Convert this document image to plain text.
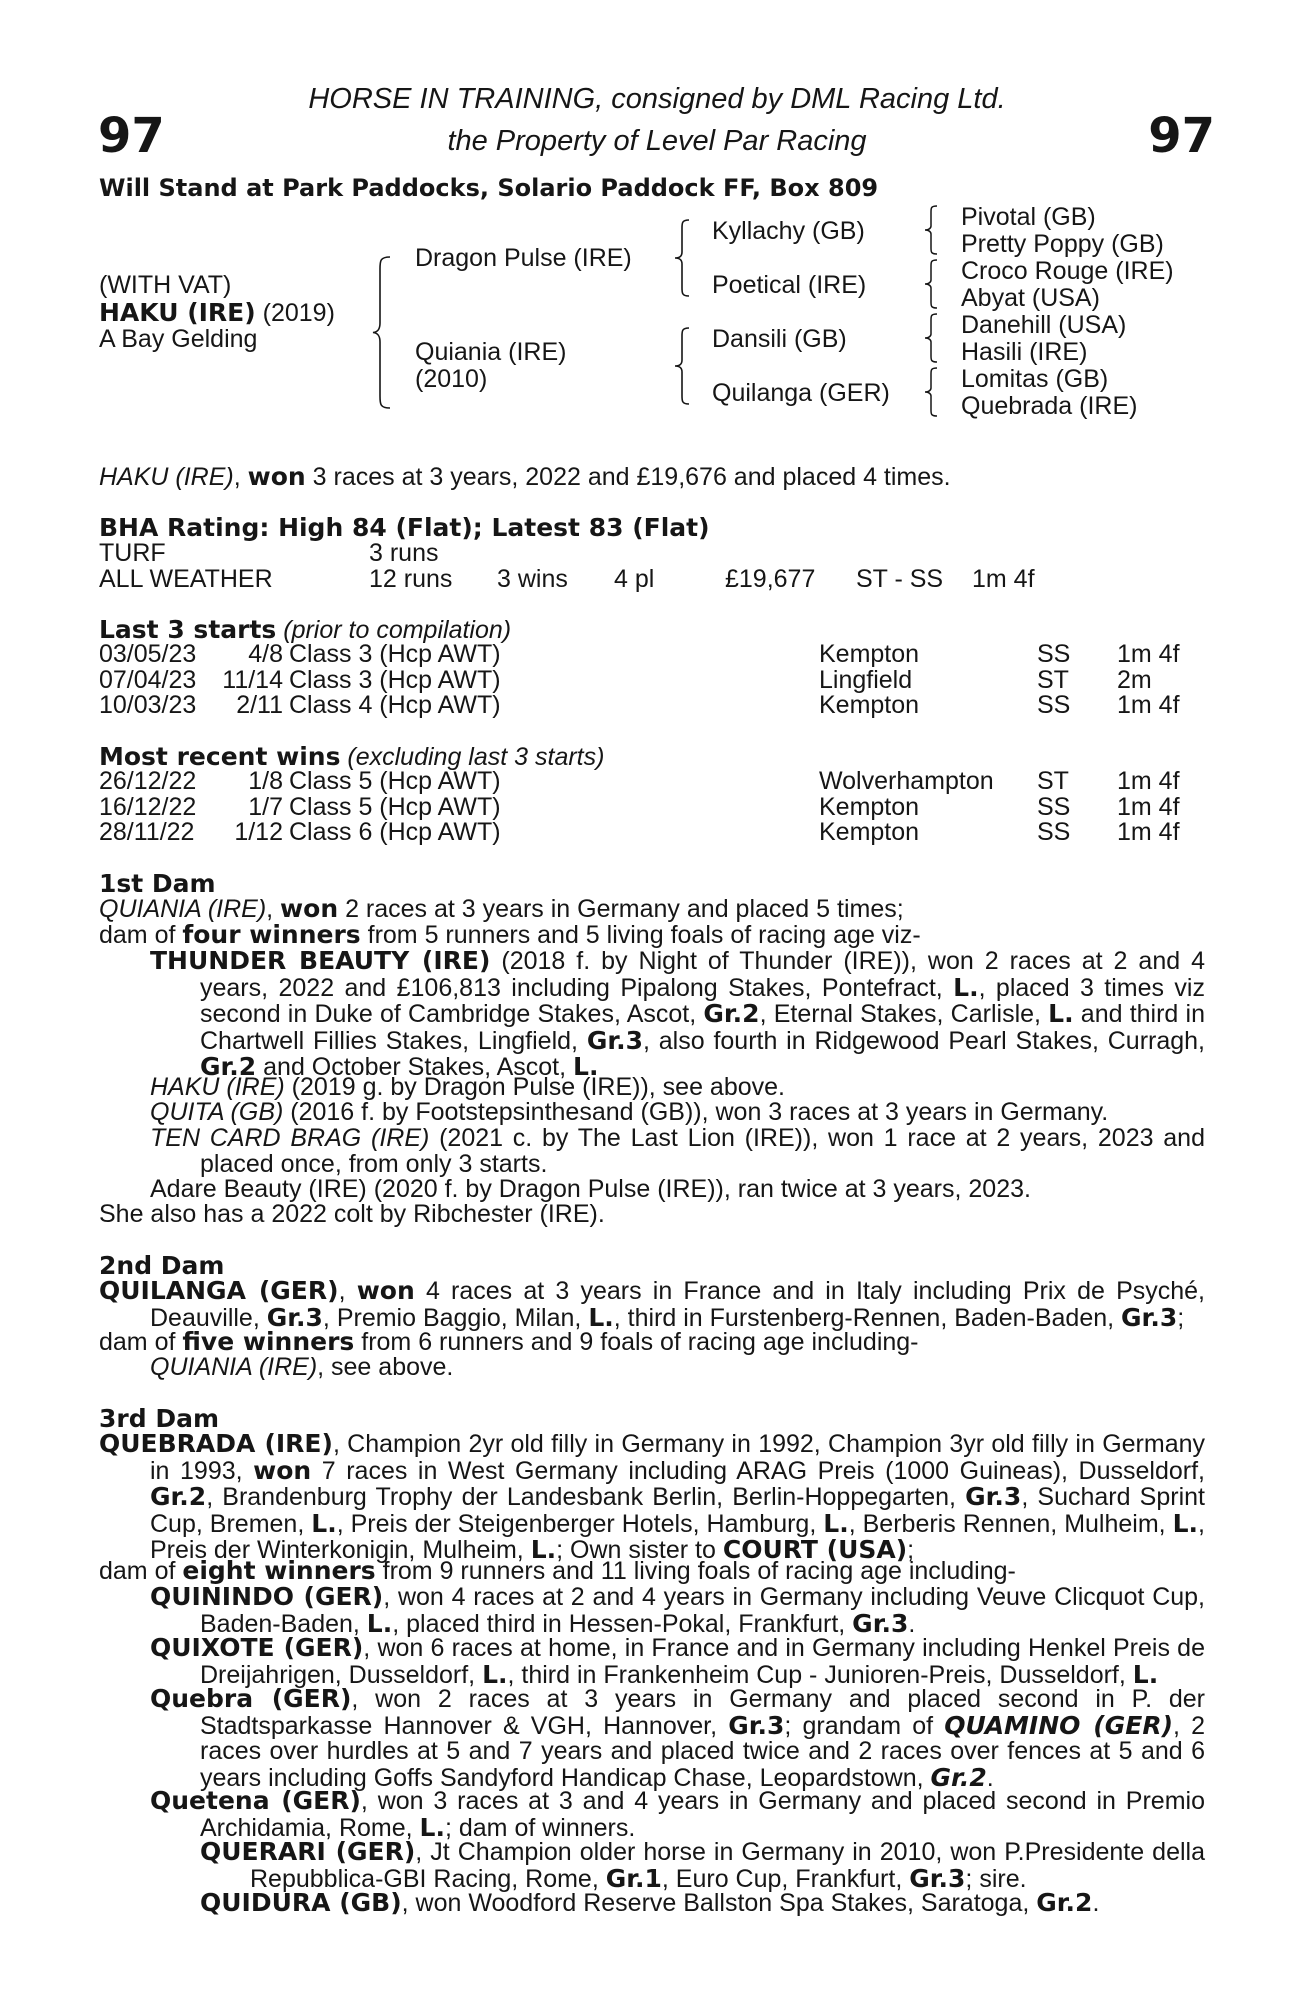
97	97
HORSE IN TRAINING, consigned by DML Racing Ltd.
the Property of Level Par Racing
Will Stand at Park Paddocks, Solario Paddock FF, Box 809
(WITH VAT)
HAKU (IRE) (2019)
A Bay Gelding
Dragon Pulse (IRE)
Quiania (IRE)
(2010)
Kyllachy (GB)
Poetical (IRE)
Dansili (GB)
Quilanga (GER)
Pivotal (GB)
Pretty Poppy (GB)
Croco Rouge (IRE)
Abyat (USA)
Danehill (USA)
Hasili (IRE)
Lomitas (GB)
Quebrada (IRE)
HAKU (IRE), won 3 races at 3 years, 2022 and £19,676 and placed 4 times.
BHA Rating: High 84 (Flat); Latest 83 (Flat)
TURF	3 runs
ALL WEATHER	12 runs 3 wins 4 pl	£19,677 ST - SS 1m 4f
Last 3 starts (prior to compilation)
03/05/23 4/8 Class 3 (Hcp AWT)	Kempton	SS 1m 4f
07/04/23 11/14 Class 3 (Hcp AWT)	Lingfield	ST 2m
10/03/23 2/11 Class 4 (Hcp AWT)	Kempton	SS 1m 4f
Most recent wins (excluding last 3 starts)
26/12/22 1/8 Class 5 (Hcp AWT)	Wolverhampton ST 1m 4f
16/12/22 1/7 Class 5 (Hcp AWT)	Kempton	SS 1m 4f
28/11/22 1/12 Class 6 (Hcp AWT)	Kempton	SS 1m 4f
1st Dam
QUIANIA (IRE), won 2 races at 3 years in Germany and placed 5 times;
dam of four winners from 5 runners and 5 living foals of racing age viz-
THUNDER BEAUTY (IRE) (2018 f. by Night of Thunder (IRE)), won 2 races at 2 and 4 years, 2022 and £106,813 including Pipalong Stakes, Pontefract, L., placed 3 times viz second in Duke of Cambridge Stakes, Ascot, Gr.2, Eternal Stakes, Carlisle, L. and third in Chartwell Fillies Stakes, Lingfield, Gr.3, also fourth in Ridgewood Pearl Stakes, Curragh, Gr.2 and October Stakes, Ascot, L.
HAKU (IRE) (2019 g. by Dragon Pulse (IRE)), see above.
QUITA (GB) (2016 f. by Footstepsinthesand (GB)), won 3 races at 3 years in Germany.
TEN CARD BRAG (IRE) (2021 c. by The Last Lion (IRE)), won 1 race at 2 years, 2023 and placed once, from only 3 starts.
Adare Beauty (IRE) (2020 f. by Dragon Pulse (IRE)), ran twice at 3 years, 2023.
She also has a 2022 colt by Ribchester (IRE).
2nd Dam
QUILANGA (GER), won 4 races at 3 years in France and in Italy including Prix de Psyché, Deauville, Gr.3, Premio Baggio, Milan, L., third in Furstenberg-Rennen, Baden-Baden, Gr.3;
dam of five winners from 6 runners and 9 foals of racing age including-
QUIANIA (IRE), see above.
3rd Dam
QUEBRADA (IRE), Champion 2yr old filly in Germany in 1992, Champion 3yr old filly in Germany in 1993, won 7 races in West Germany including ARAG Preis (1000 Guineas), Dusseldorf, Gr.2, Brandenburg Trophy der Landesbank Berlin, Berlin-Hoppegarten, Gr.3, Suchard Sprint Cup, Bremen, L., Preis der Steigenberger Hotels, Hamburg, L., Berberis Rennen, Mulheim, L., Preis der Winterkonigin, Mulheim, L.; Own sister to COURT (USA);
dam of eight winners from 9 runners and 11 living foals of racing age including-
QUININDO (GER), won 4 races at 2 and 4 years in Germany including Veuve Clicquot Cup, Baden-Baden, L., placed third in Hessen-Pokal, Frankfurt, Gr.3.
QUIXOTE (GER), won 6 races at home, in France and in Germany including Henkel Preis de Dreijahrigen, Dusseldorf, L., third in Frankenheim Cup - Junioren-Preis, Dusseldorf, L.
Quebra (GER), won 2 races at 3 years in Germany and placed second in P. der Stadtsparkasse Hannover & VGH, Hannover, Gr.3; grandam of QUAMINO (GER), 2 races over hurdles at 5 and 7 years and placed twice and 2 races over fences at 5 and 6 years including Goffs Sandyford Handicap Chase, Leopardstown, Gr.2.
Quetena (GER), won 3 races at 3 and 4 years in Germany and placed second in Premio Archidamia, Rome, L.; dam of winners.
QUERARI (GER), Jt Champion older horse in Germany in 2010, won P.Presidente della Repubblica-GBI Racing, Rome, Gr.1, Euro Cup, Frankfurt, Gr.3; sire.
QUIDURA (GB), won Woodford Reserve Ballston Spa Stakes, Saratoga, Gr.2.
